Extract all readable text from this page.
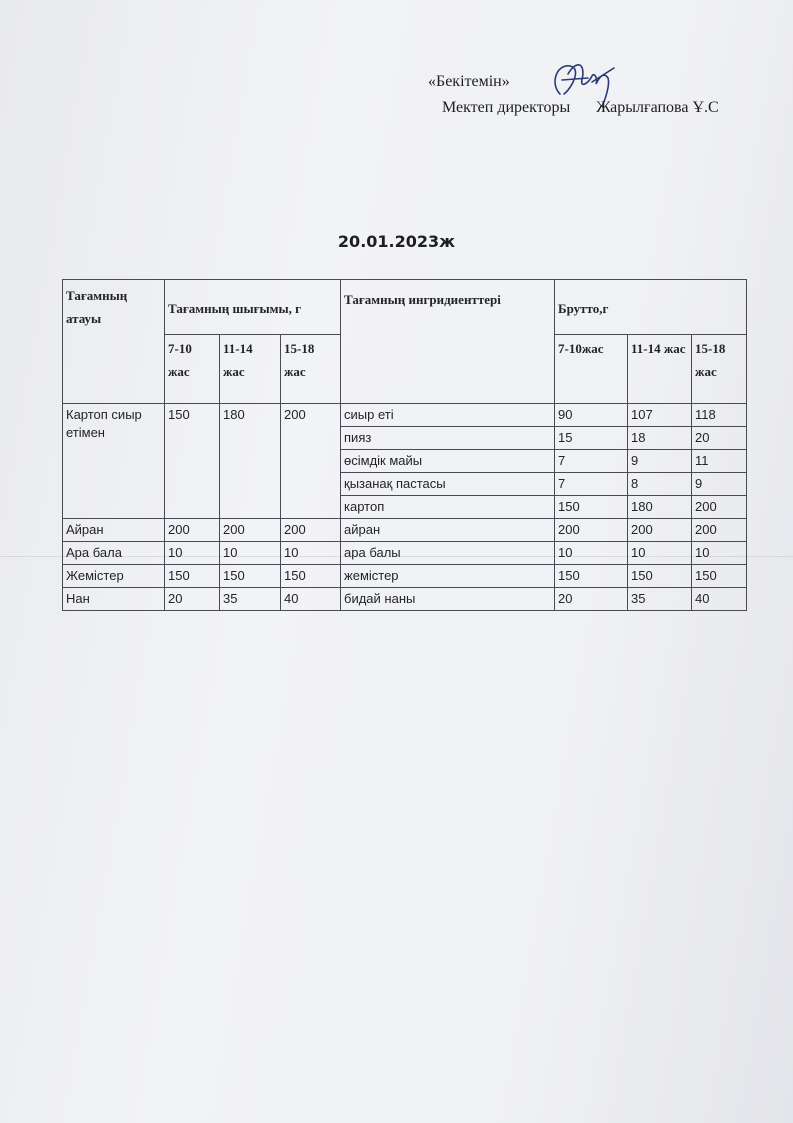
«Бекітемін»
Мектеп директоры Жарылғапова Ұ.С
20.01.2023ж
Тағамның атауы	Тағамның шығымы, г			Тағамның ингридиенттері	Брутто,г		
	7-10 жас	11-14 жас	15-18 жас		7-10жас	11-14 жас	15-18 жас
Картоп сиыр етімен	150	180	200	сиыр еті	90	107	118
				пияз	15	18	20
				өсімдік майы	7	9	11
				қызанақ пастасы	7	8	9
				картоп	150	180	200
Айран	200	200	200	айран	200	200	200
Ара бала	10	10	10	ара балы	10	10	10
Жемістер	150	150	150	жемістер	150	150	150
Нан	20	35	40	бидай наны	20	35	40
